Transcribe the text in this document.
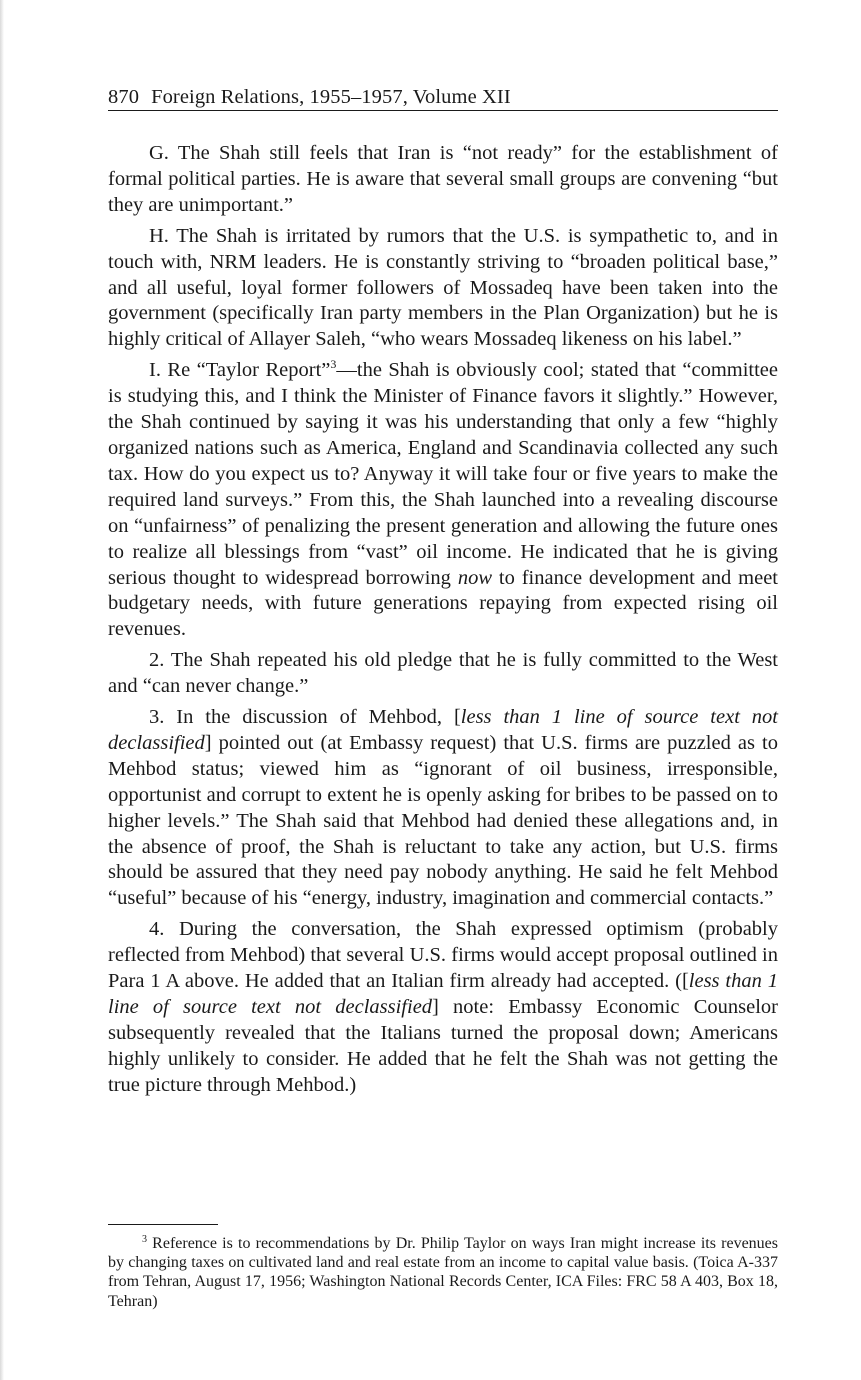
870 Foreign Relations, 1955–1957, Volume XII

G. The Shah still feels that Iran is “not ready” for the establishment of formal political parties. He is aware that several small groups are convening “but they are unimportant.”

H. The Shah is irritated by rumors that the U.S. is sympathetic to, and in touch with, NRM leaders. He is constantly striving to “broaden political base,” and all useful, loyal former followers of Mossadeq have been taken into the government (specifically Iran party members in the Plan Organization) but he is highly critical of Allayer Saleh, “who wears Mossadeq likeness on his label.”

I. Re “Taylor Report”$^3$—the Shah is obviously cool; stated that “committee is studying this, and I think the Minister of Finance favors it slightly.” However, the Shah continued by saying it was his understanding that only a few “highly organized nations such as America, England and Scandinavia collected any such tax. How do you expect us to? Anyway it will take four or five years to make the required land surveys.” From this, the Shah launched into a revealing discourse on “unfairness” of penalizing the present generation and allowing the future ones to realize all blessings from “vast” oil income. He indicated that he is giving serious thought to widespread borrowing now to finance development and meet budgetary needs, with future generations repaying from expected rising oil revenues.

2. The Shah repeated his old pledge that he is fully committed to the West and “can never change.”

3. In the discussion of Mehbod, [less than 1 line of source text not declassified] pointed out (at Embassy request) that U.S. firms are puzzled as to Mehbod status; viewed him as “ignorant of oil business, irresponsible, opportunist and corrupt to extent he is openly asking for bribes to be passed on to higher levels.” The Shah said that Mehbod had denied these allegations and, in the absence of proof, the Shah is reluctant to take any action, but U.S. firms should be assured that they need pay nobody anything. He said he felt Mehbod “useful” because of his “energy, industry, imagination and commercial contacts.”

4. During the conversation, the Shah expressed optimism (probably reflected from Mehbod) that several U.S. firms would accept proposal outlined in Para 1 A above. He added that an Italian firm already had accepted. ([less than 1 line of source text not declassified] note: Embassy Economic Counselor subsequently revealed that the Italians turned the proposal down; Americans highly unlikely to consider. He added that he felt the Shah was not getting the true picture through Mehbod.)

$^3$ Reference is to recommendations by Dr. Philip Taylor on ways Iran might increase its revenues by changing taxes on cultivated land and real estate from an income to capital value basis. (Toica A-337 from Tehran, August 17, 1956; Washington National Records Center, ICA Files: FRC 58 A 403, Box 18, Tehran)
